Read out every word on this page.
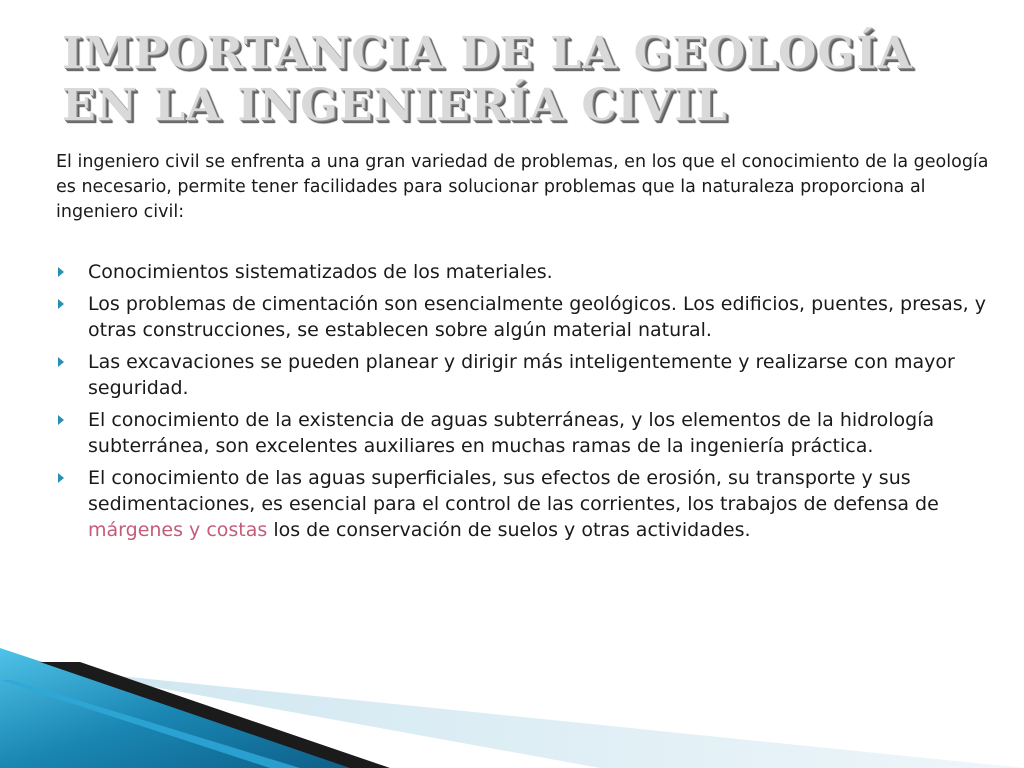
IMPORTANCIA DE LA GEOLOGÍA
EN LA INGENIERÍA CIVIL

El ingeniero civil se enfrenta a una gran variedad de problemas, en los que el conocimiento de la geología es necesario, permite tener facilidades para solucionar problemas que la naturaleza proporciona al ingeniero civil:

Conocimientos sistematizados de los materiales.
Los problemas de cimentación son esencialmente geológicos. Los edificios, puentes, presas, y otras construcciones, se establecen sobre algún material natural.
Las excavaciones se pueden planear y dirigir más inteligentemente y realizarse con mayor seguridad.
El conocimiento de la existencia de aguas subterráneas, y los elementos de la hidrología subterránea, son excelentes auxiliares en muchas ramas de la ingeniería práctica.
El conocimiento de las aguas superficiales, sus efectos de erosión, su transporte y sus sedimentaciones, es esencial para el control de las corrientes, los trabajos de defensa de márgenes y costas los de conservación de suelos y otras actividades.
